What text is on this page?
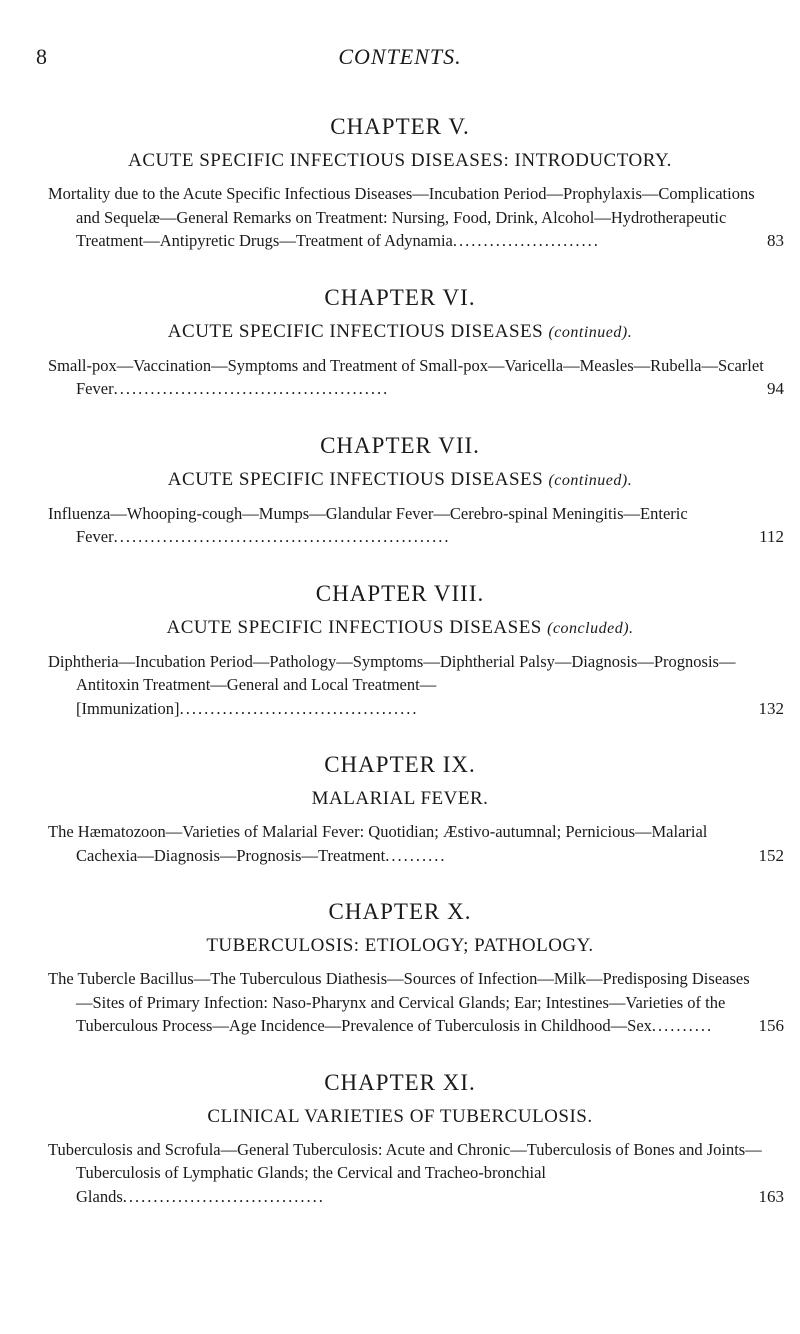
8	CONTENTS.
CHAPTER V.
ACUTE SPECIFIC INFECTIOUS DISEASES: INTRODUCTORY.
Mortality due to the Acute Specific Infectious Diseases—Incubation Period—Prophylaxis—Complications and Sequelæ—General Remarks on Treatment: Nursing, Food, Drink, Alcohol—Hydrotherapeutic Treatment—Antipyretic Drugs—Treatment of Adynamia........................	83
CHAPTER VI.
ACUTE SPECIFIC INFECTIOUS DISEASES (continued).
Small-pox—Vaccination—Symptoms and Treatment of Small-pox—Varicella—Measles—Rubella—Scarlet Fever.............................................	94
CHAPTER VII.
ACUTE SPECIFIC INFECTIOUS DISEASES (continued).
Influenza—Whooping-cough—Mumps—Glandular Fever—Cerebro-spinal Meningitis—Enteric Fever.......................................................	112
CHAPTER VIII.
ACUTE SPECIFIC INFECTIOUS DISEASES (concluded).
Diphtheria—Incubation Period—Pathology—Symptoms—Diphtherial Palsy—Diagnosis—Prognosis—Antitoxin Treatment—General and Local Treatment—[Immunization].......................................	132
CHAPTER IX.
MALARIAL FEVER.
The Hæmatozoon—Varieties of Malarial Fever: Quotidian; Æstivo-autumnal; Pernicious—Malarial Cachexia—Diagnosis—Prognosis—Treatment..........	152
CHAPTER X.
TUBERCULOSIS: ETIOLOGY; PATHOLOGY.
The Tubercle Bacillus—The Tuberculous Diathesis—Sources of Infection—Milk—Predisposing Diseases—Sites of Primary Infection: Naso-Pharynx and Cervical Glands; Ear; Intestines—Varieties of the Tuberculous Process—Age Incidence—Prevalence of Tuberculosis in Childhood—Sex..........	156
CHAPTER XI.
CLINICAL VARIETIES OF TUBERCULOSIS.
Tuberculosis and Scrofula—General Tuberculosis: Acute and Chronic—Tuberculosis of Bones and Joints—Tuberculosis of Lymphatic Glands; the Cervical and Tracheo-bronchial Glands.................................	163
